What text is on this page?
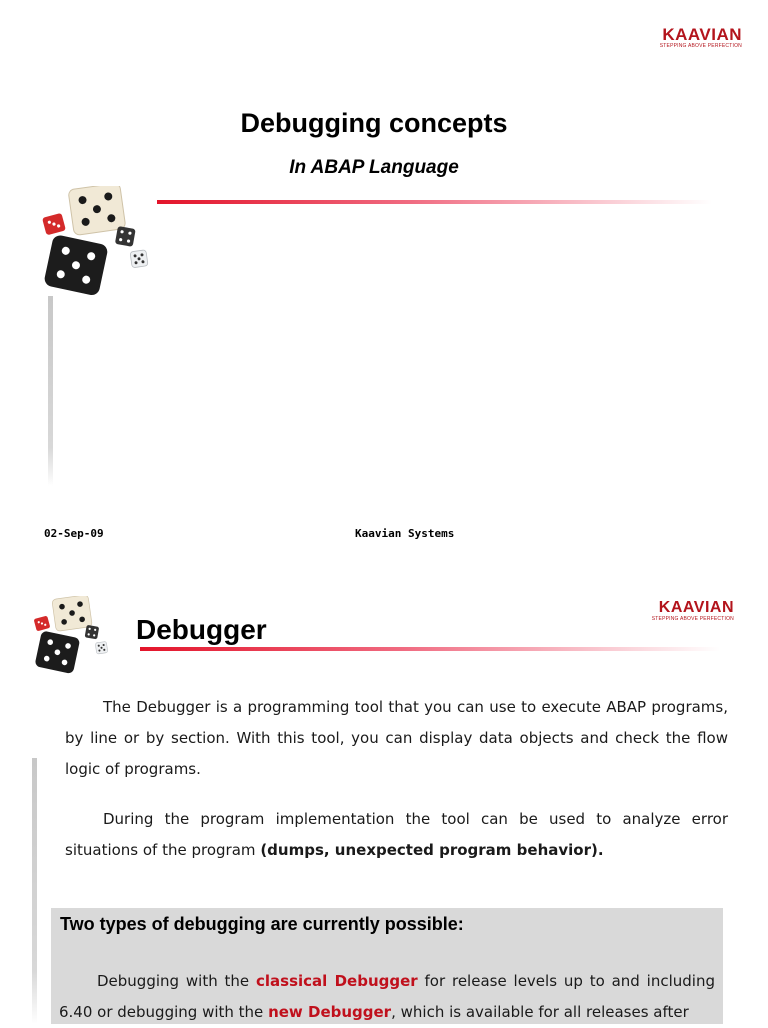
KAAVIAN
STEPPING ABOVE PERFECTION
Debugging concepts
In ABAP Language
02-Sep-09	Kaavian Systems
KAAVIAN
STEPPING ABOVE PERFECTION
Debugger
The Debugger is a programming tool that you can use to execute ABAP programs, by line or by section. With this tool, you can display data objects and check the flow logic of programs.
During the program implementation the tool can be used to analyze error situations of the program (dumps, unexpected program behavior).
Two types of debugging are currently possible:
Debugging with the classical Debugger for release levels up to and including 6.40 or debugging with the new Debugger, which is available for all releases after
